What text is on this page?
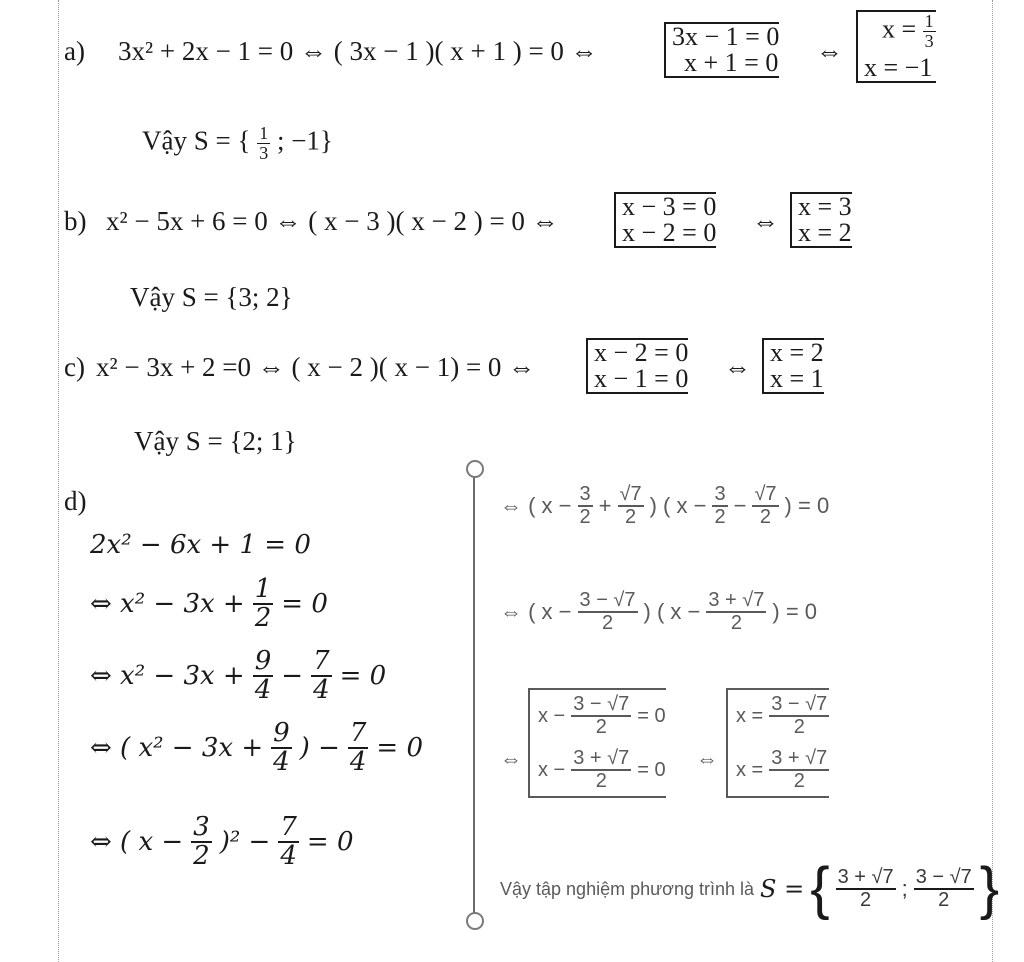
a) 3x² + 2x − 1 = 0 ⇔ ( 3x − 1 )( x + 1 ) = 0 ⇔	3x − 1 = 0
x + 1 = 0 ⇔
$x = \frac{1}{3}$
x = −1
Vậy S = { $\frac{1}{3}$ ; −1}
b) x² − 5x + 6 = 0 ⇔ ( x − 3 )( x − 2 ) = 0 ⇔ x − 3 = 0
x − 2 = 0 ⇔ x = 3
x = 2
Vậy S = {3; 2}
c) x² − 3x + 2 =0 ⇔ ( x − 2 )( x − 1) = 0 ⇔ x − 2 = 0
x − 1 = 0 ⇔ x = 2
x = 1
Vậy S = {2; 1}
d)
2x² − 6x + 1 = 0
⇔ $x^2 - 3x + \frac{1}{2} = 0$
⇔ $x^2 - 3x + \frac{9}{4} - \frac{7}{4} = 0$
⇔ ( $x^2 - 3x + \frac{9}{4}$ ) − $\frac{7}{4} = 0$
⇔ ( $x - \frac{3}{2} )^2 - \frac{7}{4} = 0$
⇔ ( $x - \frac{3}{2} + \frac{√7}{2}$ ) ( $x - \frac{3}{2} - \frac{√7}{2}$ ) = 0
⇔ ( $x - \frac{3 - √7}{2}$ ) ( $x - \frac{3 + √7}{2}$ ) = 0
⇔
$x - \frac{3 - √7}{2} = 0$
$x - \frac{3 + √7}{2} = 0$ ⇔
$x = \frac{3 - √7}{2}$
$x = \frac{3 + √7}{2}$
Vậy tập nghiệm phương trình là S = { $\frac{3 + √7}{2}$ ; $\frac{3 - √7}{2}$ }
